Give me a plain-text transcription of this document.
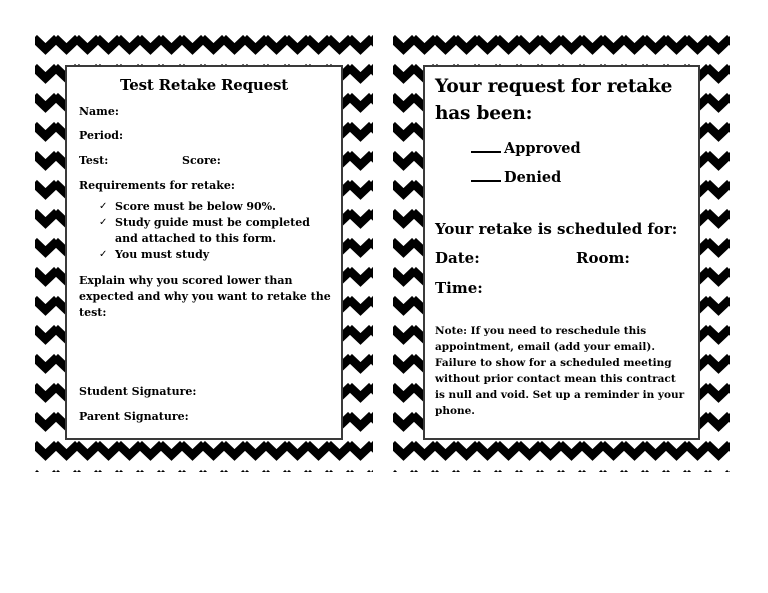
Test Retake Request
Name:
Period:
Test:	Score:
Requirements for retake:
✓ Score must be below 90%.
✓ Study guide must be completed and attached to this form.
✓ You must study
Explain why you scored lower than expected and why you want to retake the test:
Student Signature:
Parent Signature:
Your request for retake has been:
Approved
Denied
Your retake is scheduled for:
Date:	Room:
Time:
Note: If you need to reschedule this appointment, email (add your email). Failure to show for a scheduled meeting without prior contact mean this contract is null and void. Set up a reminder in your phone.
